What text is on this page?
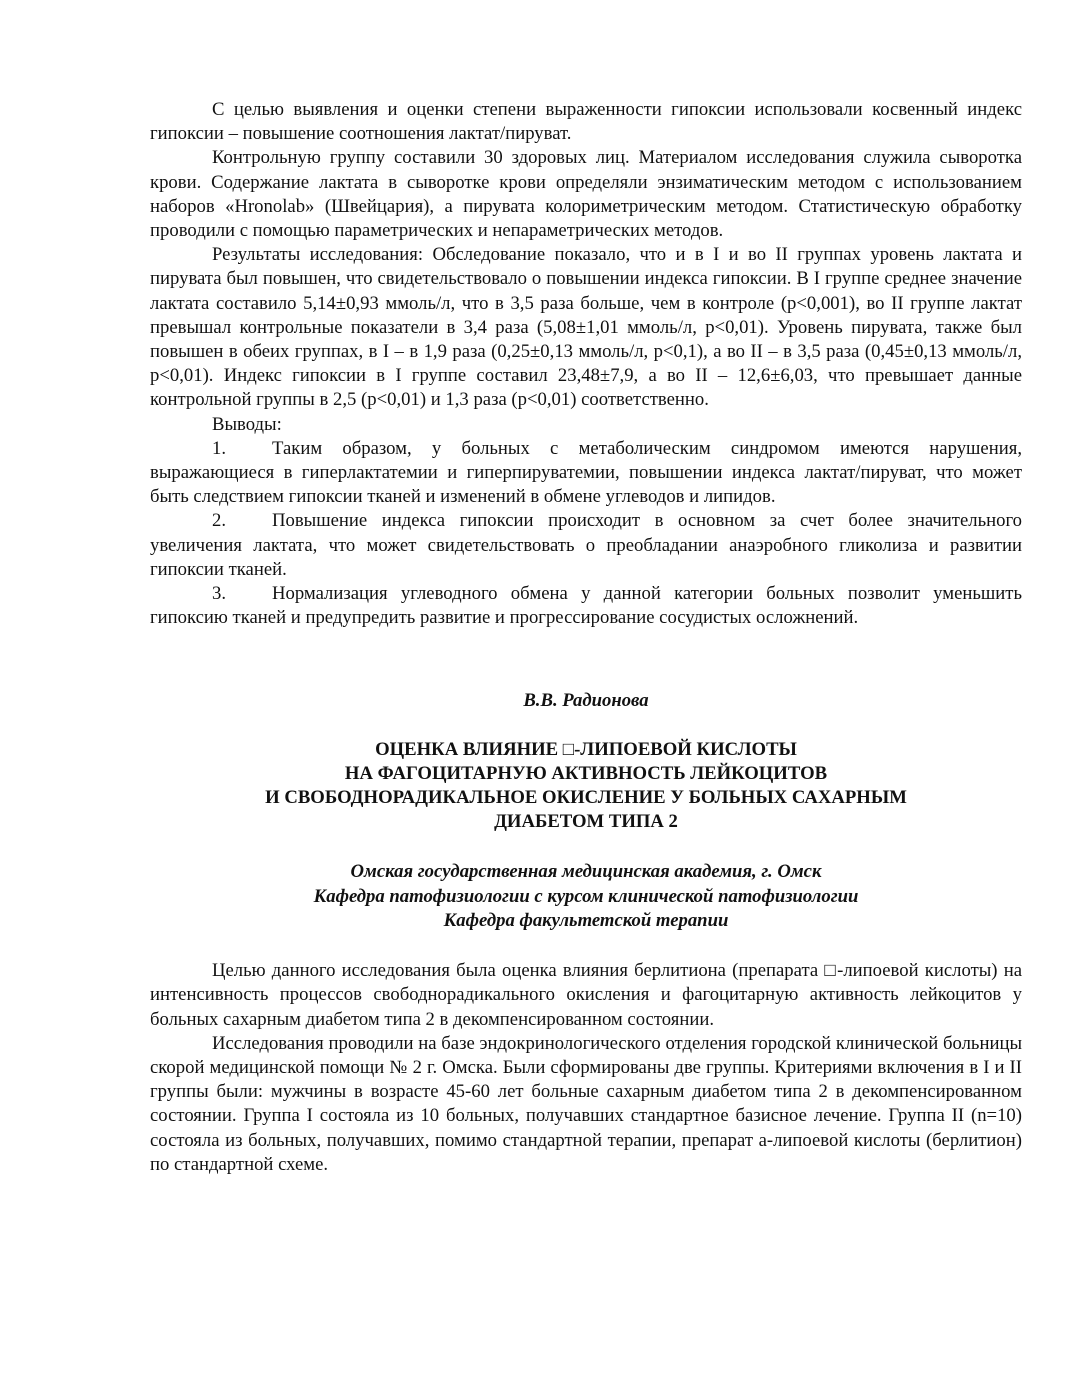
С целью выявления и оценки степени выраженности гипоксии использовали косвенный индекс гипоксии – повышение соотношения лактат/пируват.

Контрольную группу составили 30 здоровых лиц. Материалом исследования служила сыворотка крови. Содержание лактата в сыворотке крови определяли энзиматическим методом с использованием наборов «Hronolab» (Швейцария), а пирувата колориметрическим методом. Статистическую обработку проводили с помощью параметрических и непараметрических методов.

Результаты исследования: Обследование показало, что и в I и во II группах уровень лактата и пирувата был повышен, что свидетельствовало о повышении индекса гипоксии. В I группе среднее значение лактата составило 5,14±0,93 ммоль/л, что в 3,5 раза больше, чем в контроле (p<0,001), во II группе лактат превышал контрольные показатели в 3,4 раза (5,08±1,01 ммоль/л, p<0,01). Уровень пирувата, также был повышен в обеих группах, в I – в 1,9 раза (0,25±0,13 ммоль/л, p<0,1), а во II – в 3,5 раза (0,45±0,13 ммоль/л, p<0,01). Индекс гипоксии в I группе составил 23,48±7,9, а во II – 12,6±6,03, что превышает данные контрольной группы в 2,5 (p<0,01) и 1,3 раза (p<0,01) соответственно.

Выводы:

1. Таким образом, у больных с метаболическим синдромом имеются нарушения, выражающиеся в гиперлактатемии и гиперпируватемии, повышении индекса лактат/пируват, что может быть следствием гипоксии тканей и изменений в обмене углеводов и липидов.
2. Повышение индекса гипоксии происходит в основном за счет более значительного увеличения лактата, что может свидетельствовать о преобладании анаэробного гликолиза и развитии гипоксии тканей.
3. Нормализация углеводного обмена у данной категории больных позволит уменьшить гипоксию тканей и предупредить развитие и прогрессирование сосудистых осложнений.
В.В. Радионова
ОЦЕНКА ВЛИЯНИЕ □-ЛИПОЕВОЙ КИСЛОТЫ
НА ФАГОЦИТАРНУЮ АКТИВНОСТЬ ЛЕЙКОЦИТОВ
И СВОБОДНОРАДИКАЛЬНОЕ ОКИСЛЕНИЕ У БОЛЬНЫХ САХАРНЫМ
ДИАБЕТОМ ТИПА 2
Омская государственная медицинская академия, г. Омск
Кафедра патофизиологии с курсом клинической патофизиологии
Кафедра факультетской терапии

Целью данного исследования была оценка влияния берлитиона (препарата □-липоевой кислоты) на интенсивность процессов свободнорадикального окисления и фагоцитарную активность лейкоцитов у больных сахарным диабетом типа 2 в декомпенсированном состоянии.

Исследования проводили на базе эндокринологического отделения городской клинической больницы скорой медицинской помощи № 2 г. Омска. Были сформированы две группы. Критериями включения в I и II группы были: мужчины в возрасте 45-60 лет больные сахарным диабетом типа 2 в декомпенсированном состоянии. Группа I состояла из 10 больных, получавших стандартное базисное лечение. Группа II (n=10) состояла из больных, получавших, помимо стандартной терапии, препарат a-липоевой кислоты (берлитион) по стандартной схеме.
